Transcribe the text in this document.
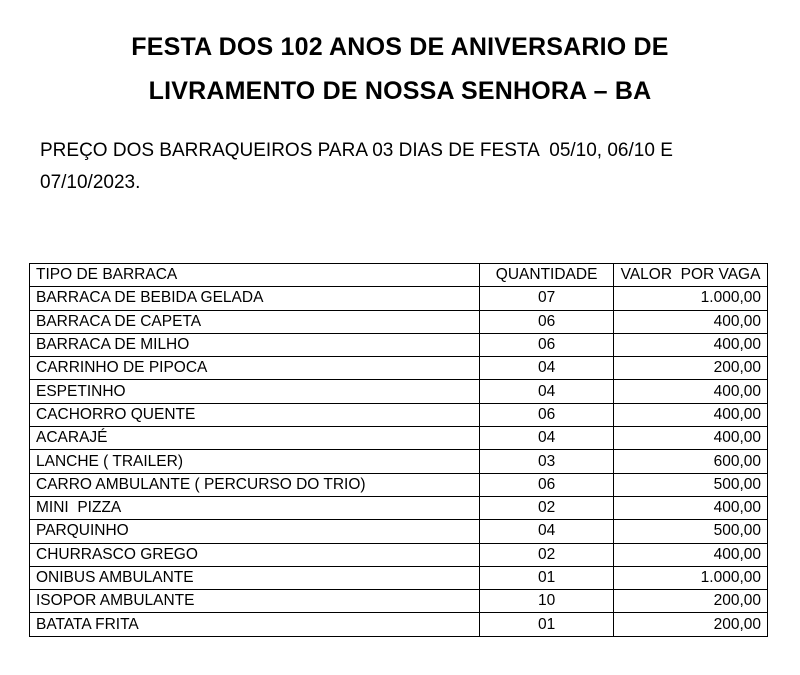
FESTA DOS 102 ANOS DE ANIVERSARIO DE
LIVRAMENTO DE NOSSA SENHORA – BA
PREÇO DOS BARRAQUEIROS PARA 03 DIAS DE FESTA  05/10, 06/10 E
07/10/2023.
TIPO DE BARRACA	QUANTIDADE	VALOR  POR VAGA
BARRACA DE BEBIDA GELADA	07	1.000,00
BARRACA DE CAPETA	06	400,00
BARRACA DE MILHO	06	400,00
CARRINHO DE PIPOCA	04	200,00
ESPETINHO	04	400,00
CACHORRO QUENTE	06	400,00
ACARAJÉ	04	400,00
LANCHE ( TRAILER)	03	600,00
CARRO AMBULANTE ( PERCURSO DO TRIO)	06	500,00
MINI  PIZZA	02	400,00
PARQUINHO	04	500,00
CHURRASCO GREGO	02	400,00
ONIBUS AMBULANTE	01	1.000,00
ISOPOR AMBULANTE	10	200,00
BATATA FRITA	01	200,00
